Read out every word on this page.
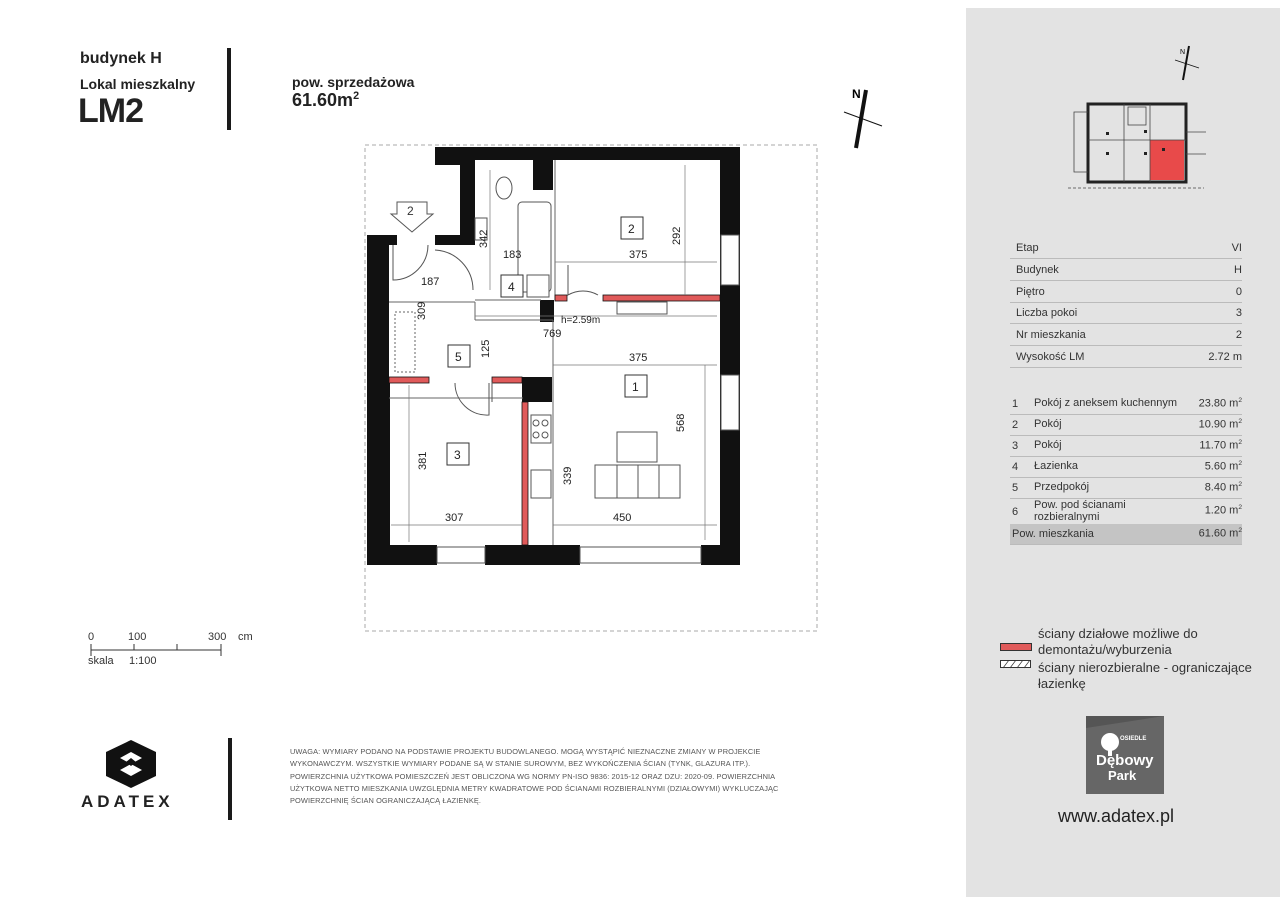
budynek H
Lokal mieszkalny
LM2
pow. sprzedażowa
$61.60m^2$	N
2
2
4
5
1
3
375
292
342
183
187
309
769
h=2.59m
125	375
568
381
339
307	450
0	100	300 cm
skala 1:100
ADATEX
UWAGA: WYMIARY PODANO NA PODSTAWIE PROJEKTU BUDOWLANEGO. MOGĄ WYSTĄPIĆ NIEZNACZNE ZMIANY W PROJEKCIE
WYKONAWCZYM. WSZYSTKIE WYMIARY PODANE SĄ W STANIE SUROWYM, BEZ WYKOŃCZENIA ŚCIAN (TYNK, GLAZURA ITP.).
POWIERZCHNIA UŻYTKOWA POMIESZCZEŃ JEST OBLICZONA WG NORMY PN-ISO 9836: 2015-12 ORAZ DZU: 2020-09. POWIERZCHNIA
UŻYTKOWA NETTO MIESZKANIA UWZGLĘDNIA METRY KWADRATOWE POD ŚCIANAMI ROZBIERALNYMI (DZIAŁOWYMI) WYKLUCZAJĄC
POWIERZCHNIĘ ŚCIAN OGRANICZAJĄCĄ ŁAZIENKĘ.
N
Etap	VI
Budynek	H
Piętro	0
Liczba pokoi	3
Nr mieszkania	2
Wysokość LM	2.72 m
1 Pokój z aneksem kuchennym 23.80 $m^2$
2 Pokój	10.90 $m^2$
3 Pokój	11.70 $m^2$
4 Łazienka	5.60 $m^2$
5 Przedpokój	8.40 $m^2$
6
Pow. pod ścianami
rozbieralnymi
1.20 $m^2$
Pow. mieszkania	61.60 $m^2$
ściany działowe możliwe do
demontażu/wyburzenia
ściany nierozbieralne - ograniczające
łazienkę
OSIEDLE
Dębowy
Park
www.adatex.pl
